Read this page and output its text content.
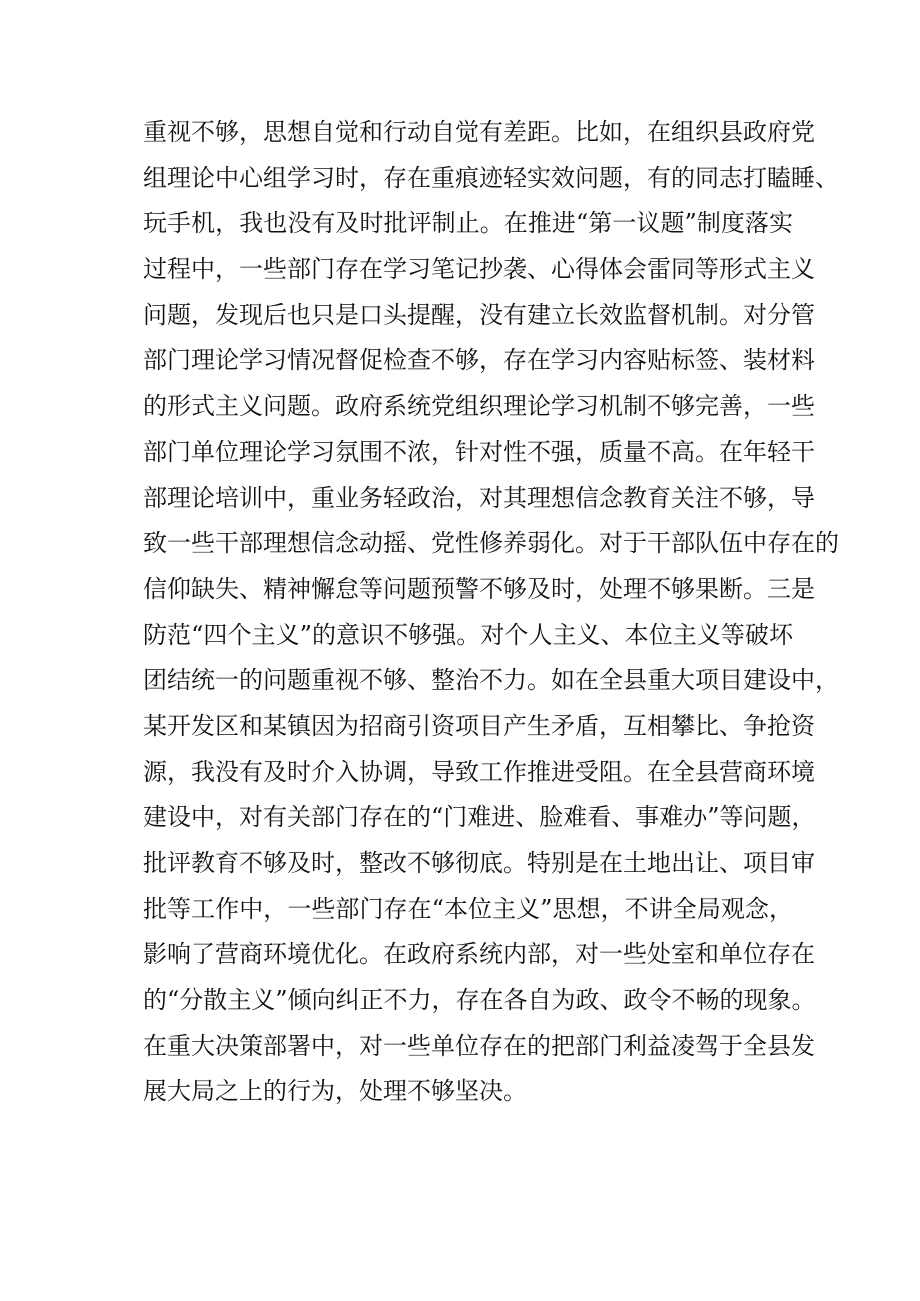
重视不够，思想自觉和行动自觉有差距。比如，在组织县政府党
组理论中心组学习时，存在重痕迹轻实效问题，有的同志打瞌睡、
玩手机，我也没有及时批评制止。在推进“第一议题”制度落实
过程中，一些部门存在学习笔记抄袭、心得体会雷同等形式主义
问题，发现后也只是口头提醒，没有建立长效监督机制。对分管
部门理论学习情况督促检查不够，存在学习内容贴标签、装材料
的形式主义问题。政府系统党组织理论学习机制不够完善，一些
部门单位理论学习氛围不浓，针对性不强，质量不高。在年轻干
部理论培训中，重业务轻政治，对其理想信念教育关注不够，导
致一些干部理想信念动摇、党性修养弱化。对于干部队伍中存在的
信仰缺失、精神懈怠等问题预警不够及时，处理不够果断。三是
防范“四个主义”的意识不够强。对个人主义、本位主义等破坏
团结统一的问题重视不够、整治不力。如在全县重大项目建设中，
某开发区和某镇因为招商引资项目产生矛盾，互相攀比、争抢资
源，我没有及时介入协调，导致工作推进受阻。在全县营商环境
建设中，对有关部门存在的“门难进、脸难看、事难办”等问题，
批评教育不够及时，整改不够彻底。特别是在土地出让、项目审
批等工作中，一些部门存在“本位主义”思想，不讲全局观念，
影响了营商环境优化。在政府系统内部，对一些处室和单位存在
的“分散主义”倾向纠正不力，存在各自为政、政令不畅的现象。
在重大决策部署中，对一些单位存在的把部门利益凌驾于全县发
展大局之上的行为，处理不够坚决。
